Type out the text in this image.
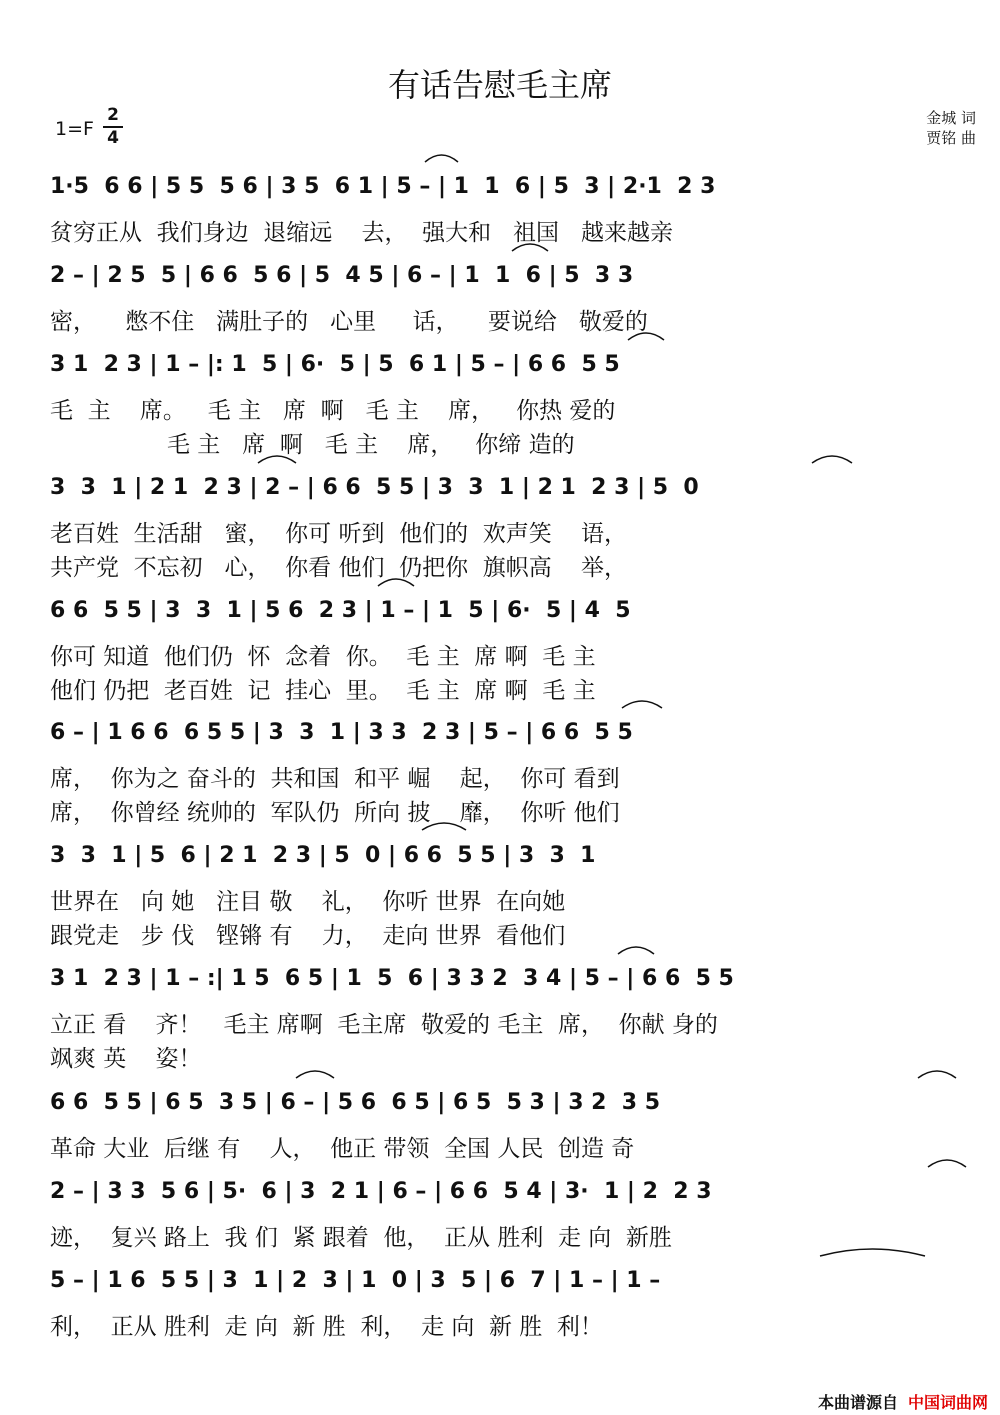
有话告慰毛主席
1=F
2
4
金城 词
贾铭 曲
1·5  6 6 | 5 5  5 6 | 3 5  6 1 | 5 – | 1  1  6 | 5  3 | 2·1  2 3
贫穷正从  我们身边  退缩远    去，  强大和   祖国   越来越亲
2 – | 2 5  5 | 6 6  5 6 | 5  4 5 | 6 – | 1  1  6 | 5  3 3
密，    憋不住   满肚子的   心里     话，    要说给   敬爱的
3 1  2 3 | 1 – |: 1  5 | 6·  5 | 5  6 1 | 5 – | 6 6  5 5
毛  主    席。   毛 主   席  啊   毛 主    席，   你热 爱的
毛 主   席  啊   毛 主    席，   你缔 造的
3  3  1 | 2 1  2 3 | 2 – | 6 6  5 5 | 3  3  1 | 2 1  2 3 | 5  0
老百姓  生活甜   蜜，  你可 听到  他们的  欢声笑    语，
共产党  不忘初   心，  你看 他们  仍把你  旗帜高    举，
6 6  5 5 | 3  3  1 | 5 6  2 3 | 1 – | 1  5 | 6·  5 | 4  5
你可 知道  他们仍  怀  念着  你。  毛 主  席 啊  毛 主
他们 仍把  老百姓  记  挂心  里。  毛 主  席 啊  毛 主
6 – | 1 6 6  6 5 5 | 3  3  1 | 3 3  2 3 | 5 – | 6 6  5 5
席，  你为之 奋斗的  共和国  和平 崛    起，  你可 看到
席，  你曾经 统帅的  军队仍  所向 披    靡，  你听 他们
3  3  1 | 5  6 | 2 1  2 3 | 5  0 | 6 6  5 5 | 3  3  1
世界在   向 她   注目 敬    礼，  你听 世界  在向她
跟党走   步 伐   铿锵 有    力，  走向 世界  看他们
3 1  2 3 | 1 – :| 1 5  6 5 | 1  5  6 | 3 3 2  3 4 | 5 – | 6 6  5 5
立正 看    齐！   毛主 席啊  毛主席  敬爱的 毛主  席，  你献 身的
飒爽 英    姿！
6 6  5 5 | 6 5  3 5 | 6 – | 5 6  6 5 | 6 5  5 3 | 3 2  3 5
革命 大业  后继 有    人，  他正 带领  全国 人民  创造 奇
2 – | 3 3  5 6 | 5·  6 | 3  2 1 | 6 – | 6 6  5 4 | 3·  1 | 2  2 3
迹，  复兴 路上  我 们  紧 跟着  他，  正从 胜利  走 向  新胜
5 – | 1 6  5 5 | 3  1 | 2  3 | 1  0 | 3  5 | 6  7 | 1 – | 1 –
利，  正从 胜利  走 向  新 胜  利，  走 向  新 胜  利！
本曲谱源自 中国词曲网
